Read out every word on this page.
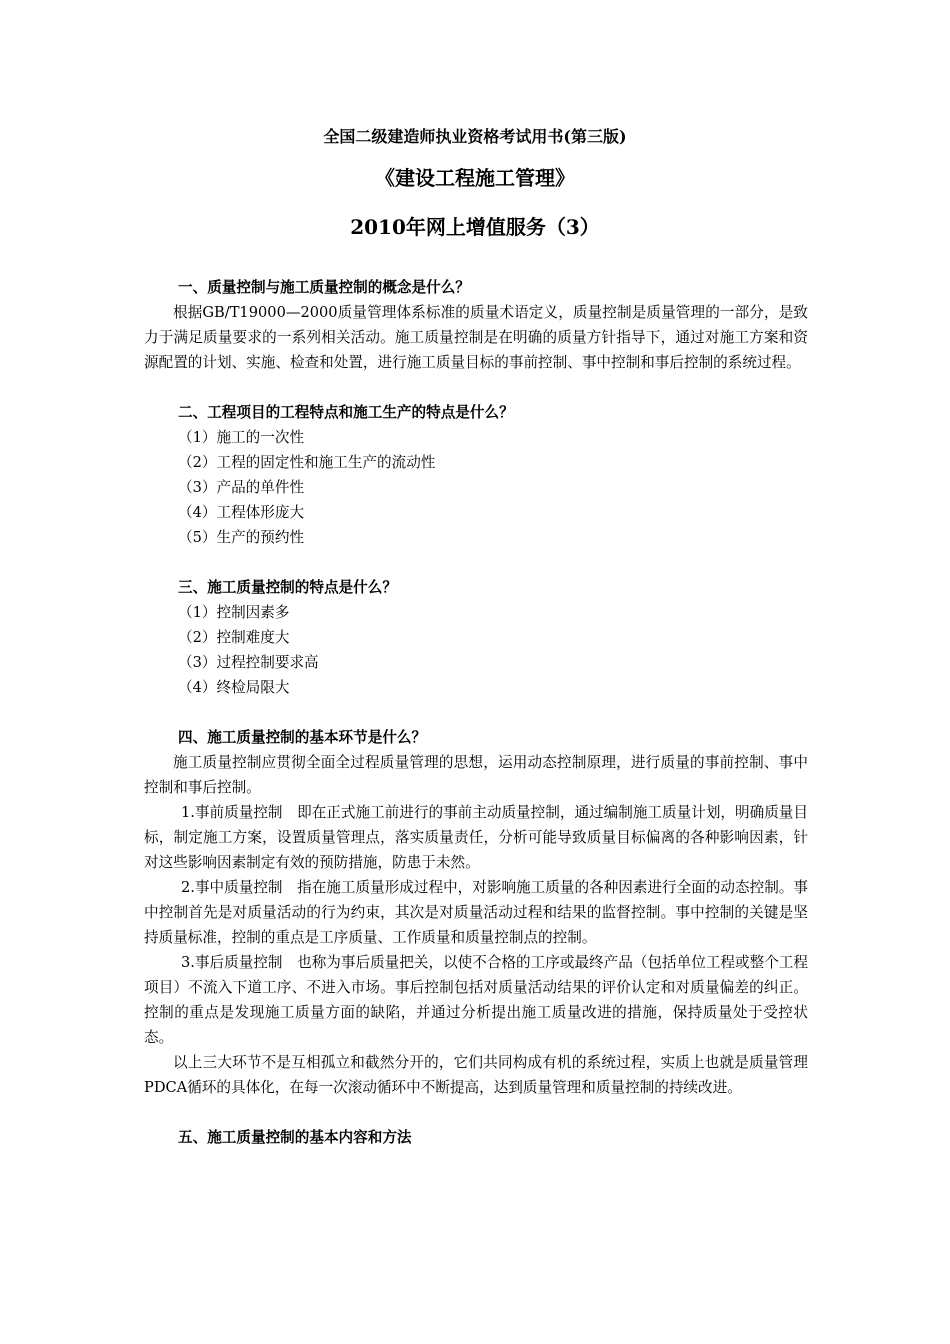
全国二级建造师执业资格考试用书(第三版)
《建设工程施工管理》
2010年网上增值服务（3）
一、质量控制与施工质量控制的概念是什么？

根据GB/T19000—2000质量管理体系标准的质量术语定义，质量控制是质量管理的一部分，是致力于满足质量要求的一系列相关活动。施工质量控制是在明确的质量方针指导下，通过对施工方案和资源配置的计划、实施、检查和处置，进行施工质量目标的事前控制、事中控制和事后控制的系统过程。

二、工程项目的工程特点和施工生产的特点是什么？
（1）施工的一次性
（2）工程的固定性和施工生产的流动性
（3）产品的单件性
（4）工程体形庞大
（5）生产的预约性
三、施工质量控制的特点是什么？
（1）控制因素多
（2）控制难度大
（3）过程控制要求高
（4）终检局限大
四、施工质量控制的基本环节是什么？

施工质量控制应贯彻全面全过程质量管理的思想，运用动态控制原理，进行质量的事前控制、事中控制和事后控制。

1.事前质量控制　即在正式施工前进行的事前主动质量控制，通过编制施工质量计划，明确质量目标，制定施工方案，设置质量管理点，落实质量责任，分析可能导致质量目标偏离的各种影响因素，针对这些影响因素制定有效的预防措施，防患于未然。

2.事中质量控制　指在施工质量形成过程中，对影响施工质量的各种因素进行全面的动态控制。事中控制首先是对质量活动的行为约束，其次是对质量活动过程和结果的监督控制。事中控制的关键是坚持质量标准，控制的重点是工序质量、工作质量和质量控制点的控制。

3.事后质量控制　也称为事后质量把关，以使不合格的工序或最终产品（包括单位工程或整个工程项目）不流入下道工序、不进入市场。事后控制包括对质量活动结果的评价认定和对质量偏差的纠正。控制的重点是发现施工质量方面的缺陷，并通过分析提出施工质量改进的措施，保持质量处于受控状态。

以上三大环节不是互相孤立和截然分开的，它们共同构成有机的系统过程，实质上也就是质量管理PDCA循环的具体化，在每一次滚动循环中不断提高，达到质量管理和质量控制的持续改进。

五、施工质量控制的基本内容和方法
